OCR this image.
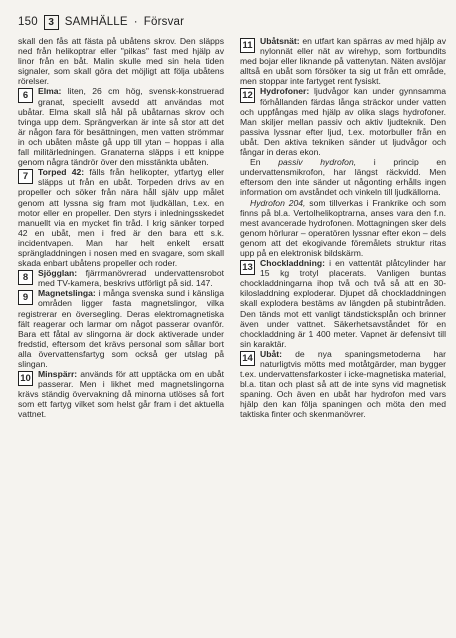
150	3 SAMHÄLLE · Försvar

skall den fås att fästa på ubåtens skrov. Den släpps ned från helikoptrar eller "pilkas" fast med hjälp av linor från en båt. Malin skulle med sin hela tiden signaler, som skall göra det möjligt att följa ubåtens rörelser.

6	Elma: liten, 26 cm hög, svensk-konstruerad granat, speciellt avsedd att användas mot ubåtar. Elma skall slå hål på ubåtarnas skrov och tvinga upp dem. Sprängverkan är inte så stor att det är någon fara för besättningen, men vatten strömmar in och ubåten måste gå upp till ytan – hoppas i alla fall militärledningen. Granaterna släpps i ett knippe genom några tändrör över den misstänkta ubåten.

7	Torped 42: fälls från helikopter, ytfartyg eller släpps ut från en ubåt. Torpeden drivs av en propeller och söker från nära håll själv upp målet genom att lyssna sig fram mot ljudkällan, t.ex. en motor eller en propeller. Den styrs i inledningsskedet manuellt via en mycket fin tråd. I krig sänker torped 42 en ubåt, men i fred är den bara ett s.k. incidentvapen. Man har helt enkelt ersatt sprängladdningen i nosen med en svagare, som skall skada enbart ubåtens propeller och roder.

8	Sjögglan: fjärrmanövrerad undervattensrobot med TV-kamera, beskrivs utförligt på sid. 147.

9	Magnetslinga: i många svenska sund i känsliga områden ligger fasta magnetslingor, vilka registrerar en översegling. Deras elektromagnetiska fält reagerar och larmar om något passerar ovanför. Bara ett fåtal av slingorna är dock aktiverade under fredstid, eftersom det krävs personal som sållar bort alla övervattensfartyg som också ger utslag på slingan.

10 Minspärr: används för att upptäcka om en ubåt passerar. Men i likhet med magnetslingorna krävs ständig övervakning då minorna utlöses så fort som ett fartyg vilket som helst går fram i det aktuella vattnet.

11 Ubåtsnät: en utfart kan spärras av med hjälp av nylonnät eller nät av wirehyp, som fortbundits med bojar eller liknande på vattenytan. Näten avslöjar alltså en ubåt som försöker ta sig ut från ett område, men stoppar inte fartyget rent fysiskt.

12 Hydrofoner: ljudvågor kan under gynnsamma förhållanden färdas långa sträckor under vatten och uppfångas med hjälp av olika slags hydrofoner. Man skiljer mellan passiv och aktiv ljudteknik. Den passiva lyssnar efter ljud, t.ex. motorbuller från en ubåt. Den aktiva tekniken sänder ut ljudvågor och fångar in deras ekon.

En passiv hydrofon, i princip en undervattensmikrofon, har längst räckvidd. Men eftersom den inte sänder ut någonting erhålls ingen information om avståndet och vinkeln till ljudkällorna.

Hydrofon 204, som tillverkas i Frankrike och som finns på bl.a. Vertolhelikoptrarna, anses vara den f.n. mest avancerade hydrofonen. Mottagningen sker dels genom hörlurar – operatören lyssnar efter ekon – dels genom att det ekogivande föremålets struktur ritas upp på en elektronisk bildskärm.

13 Chockladdning: i en vattentät plåtcylinder har 15 kg trotyl placerats. Vanligen buntas chockladdningarna ihop två och två så att en 30-kilosladdning exploderar. Djupet då chockladdningen skall explodera bestäms av längden på stubintråden. Den tänds mot ett vanligt tändsticksplån och brinner även under vattnet. Säkerhetsavståndet för en chockladdning är 1 400 meter. Vapnet är defensivt till sin karaktär.

14 Ubåt: de nya spaningsmetoderna har naturligtvis mötts med motåtgärder, man bygger t.ex. undervattensfarkoster i icke-magnetiska material, bl.a. titan och plast så att de inte syns vid magnetisk spaning. Och även en ubåt har hydrofon med vars hjälp den kan följa spaningen och möta den med taktiska finter och skenmanövrer.
